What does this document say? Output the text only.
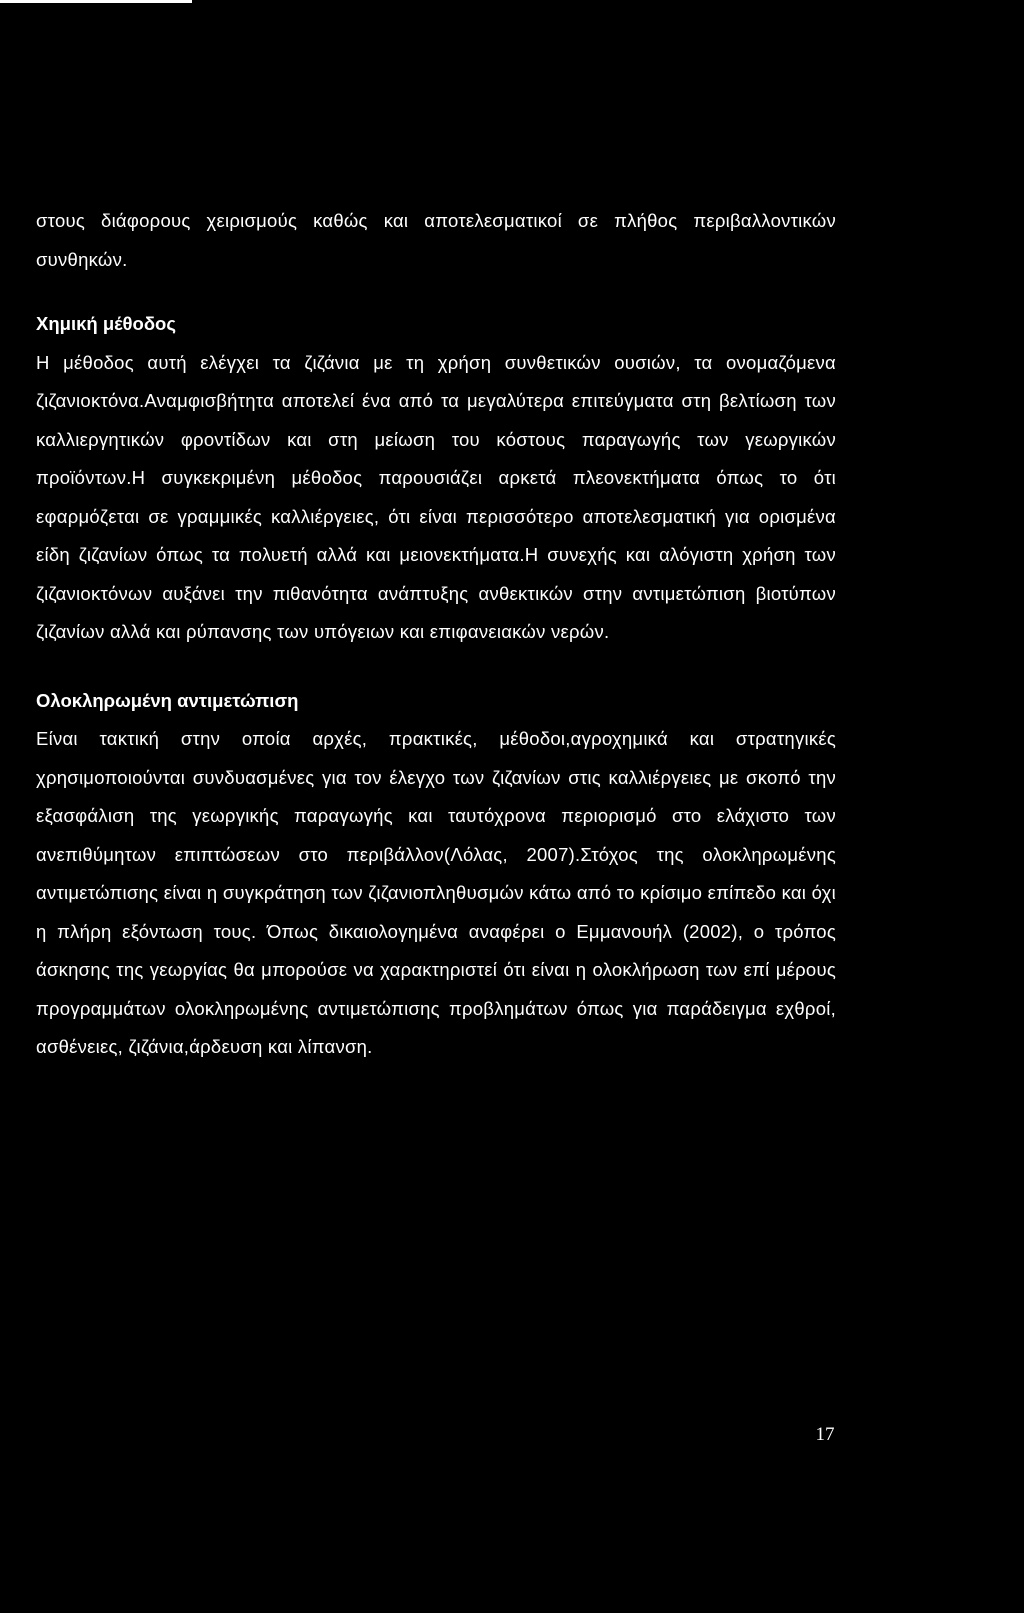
στους διάφορους χειρισμούς καθώς και αποτελεσματικοί σε πλήθος περιβαλλοντικών συνθηκών.

Χημική μέθοδος

Η μέθοδος αυτή ελέγχει τα ζιζάνια με τη χρήση συνθετικών ουσιών, τα ονομαζόμενα ζιζανιοκτόνα.Αναμφισβήτητα αποτελεί ένα από τα μεγαλύτερα επιτεύγματα στη βελτίωση των καλλιεργητικών φροντίδων και στη μείωση του κόστους παραγωγής των γεωργικών προϊόντων.Η συγκεκριμένη μέθοδος παρουσιάζει αρκετά πλεονεκτήματα όπως το ότι εφαρμόζεται σε γραμμικές καλλιέργειες, ότι είναι περισσότερο αποτελεσματική για ορισμένα είδη ζιζανίων όπως τα πολυετή αλλά και μειονεκτήματα.Η συνεχής και αλόγιστη χρήση των ζιζανιοκτόνων αυξάνει την πιθανότητα ανάπτυξης ανθεκτικών στην αντιμετώπιση βιοτύπων ζιζανίων αλλά και ρύπανσης των υπόγειων και επιφανειακών νερών.

Ολοκληρωμένη αντιμετώπιση

Είναι τακτική στην οποία αρχές, πρακτικές, μέθοδοι,αγροχημικά και στρατηγικές χρησιμοποιούνται συνδυασμένες για τον έλεγχο των ζιζανίων στις καλλιέργειες με σκοπό την εξασφάλιση της γεωργικής παραγωγής και ταυτόχρονα περιορισμό στο ελάχιστο των ανεπιθύμητων επιπτώσεων στο περιβάλλον(Λόλας, 2007).Στόχος της ολοκληρωμένης αντιμετώπισης είναι η συγκράτηση των ζιζανιοπληθυσμών κάτω από το κρίσιμο επίπεδο και όχι η πλήρη εξόντωση τους. Όπως δικαιολογημένα αναφέρει ο Εμμανουήλ (2002), ο τρόπος άσκησης της γεωργίας θα μπορούσε να χαρακτηριστεί ότι είναι η ολοκλήρωση των επί μέρους προγραμμάτων ολοκληρωμένης αντιμετώπισης προβλημάτων όπως για παράδειγμα εχθροί, ασθένειες, ζιζάνια,άρδευση και λίπανση.

17
